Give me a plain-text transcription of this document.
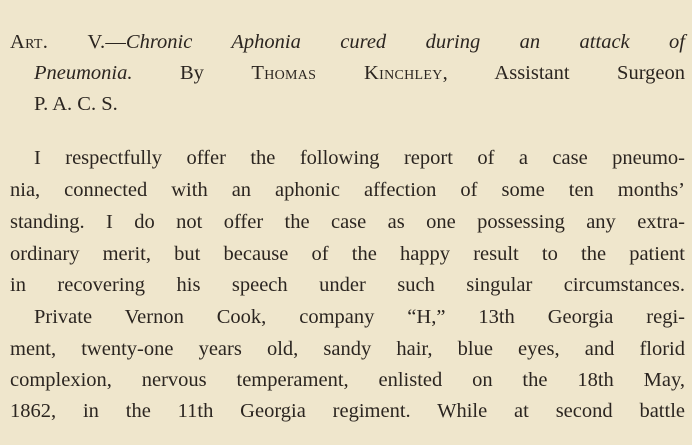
Art. V.—Chronic Aphonia cured during an attack of
Pneumonia. By Thomas Kinchley, Assistant Surgeon
P. A. C. S.
I respectfully offer the following report of a case pneumo-
nia, connected with an aphonic affection of some ten months’
standing. I do not offer the case as one possessing any extra-
ordinary merit, but because of the happy result to the patient
in recovering his speech under such singular circumstances.
Private Vernon Cook, company “H,” 13th Georgia regi-
ment, twenty-one years old, sandy hair, blue eyes, and florid
complexion, nervous temperament, enlisted on the 18th May,
1862, in the 11th Georgia regiment. While at second battle
